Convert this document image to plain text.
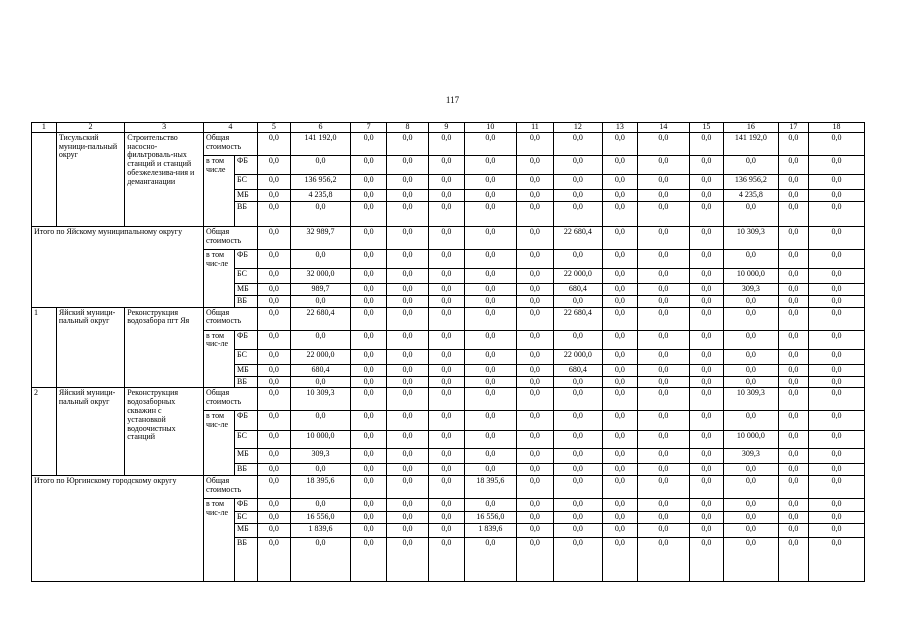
117
1	2	3	4		5	6	7	8	9	10	11	12	13	14	15	16	17	18
	Тисульский муници-пальный округ	Строительство насосно-фильтроваль-ных станций и станций обезжелезива-ния и деманганации	Общая стоимость		0,0	141 192,0	0,0	0,0	0,0	0,0	0,0	0,0	0,0	0,0	0,0	141 192,0	0,0	0,0
			в том числе	ФБ	0,0	0,0	0,0	0,0	0,0	0,0	0,0	0,0	0,0	0,0	0,0	0,0	0,0	0,0
				БС	0,0	136 956,2	0,0	0,0	0,0	0,0	0,0	0,0	0,0	0,0	0,0	136 956,2	0,0	0,0
				МБ	0,0	4 235,8	0,0	0,0	0,0	0,0	0,0	0,0	0,0	0,0	0,0	4 235,8	0,0	0,0
				ВБ	0,0	0,0	0,0	0,0	0,0	0,0	0,0	0,0	0,0	0,0	0,0	0,0	0,0	0,0
Итого по Яйскому муниципальному округу			Общая стоимость		0,0	32 989,7	0,0	0,0	0,0	0,0	0,0	22 680,4	0,0	0,0	0,0	10 309,3	0,0	0,0
			в том чис-ле	ФБ	0,0	0,0	0,0	0,0	0,0	0,0	0,0	0,0	0,0	0,0	0,0	0,0	0,0	0,0
				БС	0,0	32 000,0	0,0	0,0	0,0	0,0	0,0	22 000,0	0,0	0,0	0,0	10 000,0	0,0	0,0
				МБ	0,0	989,7	0,0	0,0	0,0	0,0	0,0	680,4	0,0	0,0	0,0	309,3	0,0	0,0
				ВБ	0,0	0,0	0,0	0,0	0,0	0,0	0,0	0,0	0,0	0,0	0,0	0,0	0,0	0,0
1	Яйский муници-пальный округ	Реконструкция водозабора пгт Яя	Общая стоимость		0,0	22 680,4	0,0	0,0	0,0	0,0	0,0	22 680,4	0,0	0,0	0,0	0,0	0,0	0,0
			в том чис-ле	ФБ	0,0	0,0	0,0	0,0	0,0	0,0	0,0	0,0	0,0	0,0	0,0	0,0	0,0	0,0
				БС	0,0	22 000,0	0,0	0,0	0,0	0,0	0,0	22 000,0	0,0	0,0	0,0	0,0	0,0	0,0
				МБ	0,0	680,4	0,0	0,0	0,0	0,0	0,0	680,4	0,0	0,0	0,0	0,0	0,0	0,0
				ВБ	0,0	0,0	0,0	0,0	0,0	0,0	0,0	0,0	0,0	0,0	0,0	0,0	0,0	0,0
2	Яйский муници-пальный округ	Реконструкция водозаборных скважин с установкой водоочистных станций	Общая стоимость		0,0	10 309,3	0,0	0,0	0,0	0,0	0,0	0,0	0,0	0,0	0,0	10 309,3	0,0	0,0
			в том чис-ле	ФБ	0,0	0,0	0,0	0,0	0,0	0,0	0,0	0,0	0,0	0,0	0,0	0,0	0,0	0,0
				БС	0,0	10 000,0	0,0	0,0	0,0	0,0	0,0	0,0	0,0	0,0	0,0	10 000,0	0,0	0,0
				МБ	0,0	309,3	0,0	0,0	0,0	0,0	0,0	0,0	0,0	0,0	0,0	309,3	0,0	0,0
				ВБ	0,0	0,0	0,0	0,0	0,0	0,0	0,0	0,0	0,0	0,0	0,0	0,0	0,0	0,0
Итого по Юргинскому городскому округу			Общая стоимость		0,0	18 395,6	0,0	0,0	0,0	18 395,6	0,0	0,0	0,0	0,0	0,0	0,0	0,0	0,0
			в том чис-ле	ФБ	0,0	0,0	0,0	0,0	0,0	0,0	0,0	0,0	0,0	0,0	0,0	0,0	0,0	0,0
				БС	0,0	16 556,0	0,0	0,0	0,0	16 556,0	0,0	0,0	0,0	0,0	0,0	0,0	0,0	0,0
				МБ	0,0	1 839,6	0,0	0,0	0,0	1 839,6	0,0	0,0	0,0	0,0	0,0	0,0	0,0	0,0
				ВБ	0,0	0,0	0,0	0,0	0,0	0,0	0,0	0,0	0,0	0,0	0,0	0,0	0,0	0,0
